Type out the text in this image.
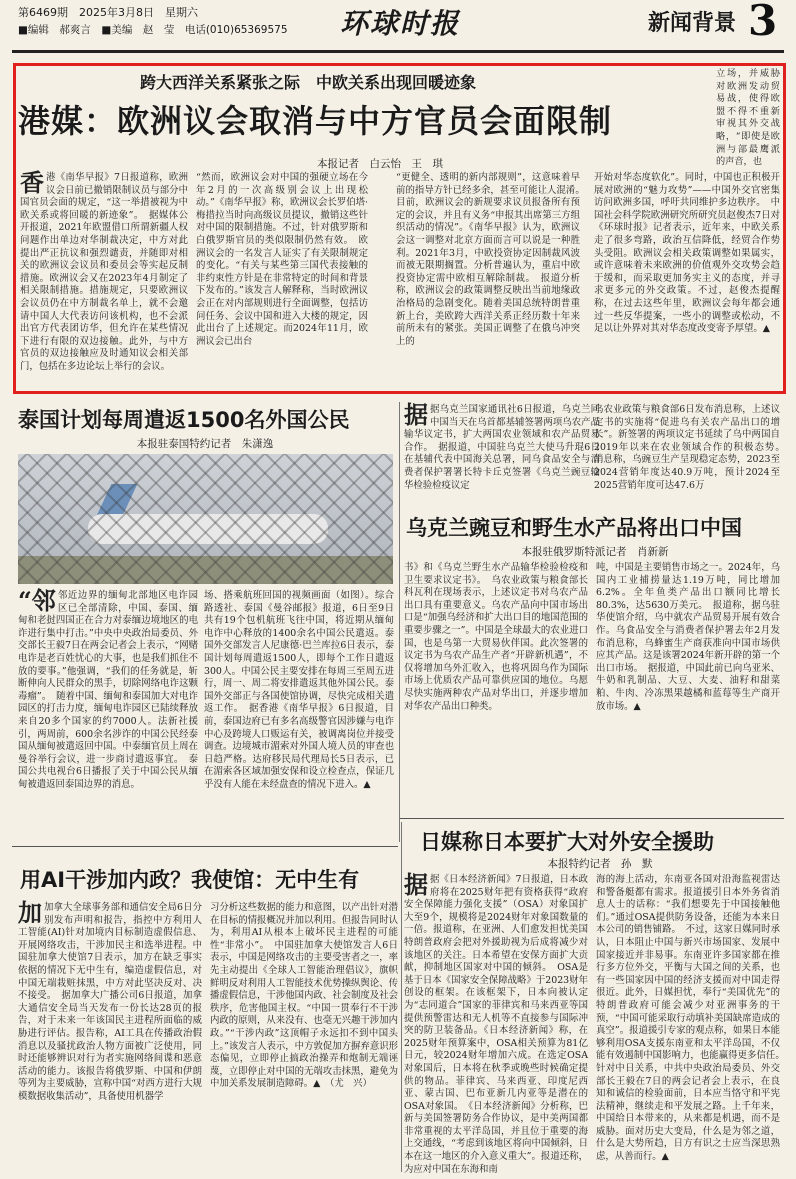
第6469期　2025年3月8日　星期六
■编辑　郝爽言　■美编　赵　莹　电话(010)65369575 环球时报	新闻背景 3
跨大西洋关系紧张之际　中欧关系出现回暖迹象
港媒：欧洲议会取消与中方官员会面限制
立场，并威胁对欧洲发动贸易战，使得欧盟不得不重新审视其外交战略，“即使是欧洲与部最鹰派的声音，也
本报记者　白云怡　王　琪
香港《南华早报》7日报道称，欧洲议会日前已撤销限制议员与部分中国官员会面的规定，“这一举措被视为中欧关系或将回暖的新迹象”。　据媒体公开报道，2021年欧盟借口所谓新疆人权问题作出单边对华制裁决定，中方对此提出严正抗议和强烈谴责，并随即对相关的欧洲议会议员和委员会等实起反制措施。欧洲议会又在2023年4月制定了相关限制措施。措施规定，只要欧洲议会议员仍在中方制裁名单上，就不会邀请中国人大代表访问该机构，也不会派出官方代表团访华，但允许在某些情况下进行有限的双边接触。此外，与中方官员的双边接触应及时通知议会相关部门，包括在多边论坛上举行的会议。
“然而，欧洲议会对中国的强硬立场在今年2月的一次高级别会议上出现松动。”《南华早报》称，欧洲议会长罗伯塔·梅措拉当时向高级议员提议，撤销这些针对中国的限制措施。不过，针对俄罗斯和白俄罗斯官员的类似限制仍然有效。　欧洲议会的一名发言人证实了有关限制规定的变化。“有关与某些第三国代表接触的非约束性方针是在非常特定的时间和背景下发布的。”该发言人解释称，当时欧洲议会正在对内部规则进行全面调整，包括访问任务、会议中国和进入大楼的规定，因此出台了上述规定。而2024年11月，欧洲议会已出台
“更健全、透明的新内部规则”，这意味着早前的指导方针已经多余，甚至可能让人混淆。　目前，欧洲议会的新规要求议员报备所有预定的会议，并且有义务“申报其出席第三方组织活动的情况”。《南华早报》认为，欧洲议会这一调整对北京方面而言可以说是一种胜利。2021年3月，中欧投资协定因制裁风波而被无限期搁置。分析普遍认为，重启中欧投资协定需中欧相互解除制裁。　报道分析称，欧洲议会的政策调整反映出当前地缘政治格局的急剧变化。随着美国总统特朗普重新上台，美欧跨大西洋关系正经历数十年来前所未有的紧张。美国正调整了在俄乌冲突上的
开始对华态度软化”。同时，中国也正积极开展对欧洲的“魅力攻势”——中国外交官密集访问欧洲多国，呼吁共同维护多边秩序。　中国社会科学院欧洲研究所研究员赵俊杰7日对《环球时报》记者表示，近年来，中欧关系走了很多弯路，政治互信降低，经贸合作势头受阻。欧洲议会相关政策调整如果属实，或许意味着未来欧洲的价值观外交攻势会趋于缓和，而采取更加务实主义的态度，并寻求更多元的外交政策。不过，赵俊杰提醒称，在过去这些年里，欧洲议会每年都会通过一些反华提案，一些小的调整或松动，不足以让外界对其对华态度改变寄予厚望。▲
泰国计划每周遣返1500名外国公民
本报驻泰国特约记者　朱潇逸
“邻邻近边界的缅甸北部地区电诈园区已全部清除，中国、泰国、缅甸和老挝四国正在合力对泰缅边境地区的电诈进行集中打击。”中央中央政治局委员、外交部长王毅7日在两会记者会上表示，“网赌电诈是老百姓忧心的大事，也是我们抓住不放的要事。”他强调，“我们的任务就是，斩断伸向人民群众的黑手，切除网络电诈这颗毒瘤”。　随着中国、缅甸和泰国加大对电诈园区的打击力度，缅甸电诈园区已陆续释放来自20多个国家的约7000人。法新社援引，两周前，600余名涉诈的中国公民经泰国从缅甸被遣返回中国。中泰缅官员上周在曼谷举行会议，进一步商讨遣返事宜。　泰国公共电视台6日播报了关于中国公民从缅甸被遣返回泰国边界的消息。
场、搭乘航班回国的视频画面（如图）。综合路透社、泰国《曼谷邮报》报道，6日至9日共有19个包机航班飞往中国，将近期从缅甸电诈中心释放的1400余名中国公民遣返。泰国外交部发言人尼康德·巴兰库拉6日表示，泰国计划每周遣返1500人，即每个工作日遣返300人。中国公民主要安排在每周三至周五进行，周一、周二将安排遣返其他外国公民。泰国外交部正与各国使馆协调，尽快完成相关遣返工作。　据香港《南华早报》6日报道，目前，泰国边府已有多名高级警官因涉嫌与电诈中心及跨境人口贩运有关，被调离岗位并接受调查。边境城市湄索对外国人境人员的审查也日趋严格。达府移民局代理局长5日表示，已在湄索各区域加强安保和设立检查点，保证几乎没有人能在未经盘查的情况下进入。▲
据据乌克兰国家通讯社6日报道，乌克兰同中国当天在乌首都基辅签署两项乌农产品输华议定书，扩大两国农业领域和农产品贸易合作。　据报道，中国驻乌克兰大使马升琨6日在基辅代表中国海关总署，同乌食品安全与消费者保护署署长特卡丘克签署《乌克兰豌豆输华检验检疫议定
乌农业政策与粮食部6日发布消息称，上述议定书的实施将“促进乌有关农产品出口的增长”。新签署的两项议定书延续了乌中两国自2019年以来在农业领域合作的积极态势。　消息称，乌豌豆生产呈现稳定态势，2023至2024营销年度达40.9万吨，预计2024至2025营销年度可达47.6万
乌克兰豌豆和野生水产品将出口中国
本报驻俄罗斯特派记者　肖新新
书》和《乌克兰野生水产品输华检验检疫和卫生要求议定书》。　乌农业政策与粮食部长科瓦利在现场表示，上述议定书对乌农产品出口具有重要意义。乌农产品向中国市场出口是“加强乌经济和扩大出口目的地国范围的重要步骤之一”。中国是全球最大的农业进口国，也是乌第一大贸易伙伴国。此次签署的议定书为乌农产品生产者“开辟新机遇”，不仅将增加乌外汇收入，也将巩固乌作为国际市场上优质农产品可靠供应国的地位。乌愿尽快实施两种农产品对华出口，并逐步增加对华农产品出口种类。
吨，中国是主要销售市场之一。2024年，乌国内工业捕捞量达1.19万吨，同比增加6.2%。全年鱼类产品出口额同比增长80.3%，达5630万美元。　报道称，据乌驻华使馆介绍，乌中就农产品贸易开展有效合作。乌食品安全与消费者保护署去年2月发布消息称，乌蜂蜜生产商获准向中国市场供应其产品。这是该署2024年新开辟的第一个出口市场。　据报道，中国此前已向乌亚米、牛奶和乳制品、大豆、大麦、油籽和甜菜粕、牛肉、冷冻黑果越橘和蓝莓等生产商开放市场。▲
用AI干涉加内政？我使馆：无中生有
加加拿大全球事务部和通信安全局6日分别发布声明和报告，指控中方利用人工智能(AI)针对加境内目标制造虚假信息、开展网络攻击，干涉加民主和选举进程。中国驻加拿大使馆7日表示，加方在缺乏事实依据的情况下无中生有，编造虚假信息，对中国无端栽赃抹黑，中方对此坚决反对、决不接受。　据加拿大广播公司6日报道，加拿大通信安全局当天发布一份长达28页的报告，对于未来一年该国民主进程所面临的威胁进行评估。报告称，AI工具在传播政治假消息以及骚扰政治人物方面被广泛使用，同时还能够辨识对行为者实施网络间谍和恶意活动的能力。该报告将俄罗斯、中国和伊朗等列为主要威胁，宣称中国“对西方进行大规模数据收集活动”，具备使用机器学
习分析这些数据的能力和意图，以产出针对潜在目标的情报概况并加以利用。但报告同时认为，利用AI从根本上破坏民主进程的可能性“非常小”。　中国驻加拿大使馆发言人6日表示，中国是网络攻击的主要受害者之一，率先主动提出《全球人工智能治理倡议》，旗帜鲜明反对利用人工智能技术优势操纵舆论、传播虚假信息，干涉他国内政、社会制度及社会秩序，危害他国主权。“中国一贯奉行不干涉内政的原则，从来没有、也毫无兴趣干涉加内政。”“干涉内政”这顶帽子永远扣不到中国头上。”该发言人表示，中方敦促加方摒弃意识形态偏见，立即停止搞政治操弄和炮制无端诬蔑，立即停止对中国的无端攻击抹黑，避免为中加关系发展制造障碍。▲　（尤　兴）
日媒称日本要扩大对外安全援助
本报特约记者　孙　默
据据《日本经济新闻》7日报道，日本政府将在2025财年把有资格获得“政府安全保障能力强化支援”（OSA）对象国扩大至9个，规模将是2024财年对象国数量的一倍。报道称，在亚洲、人们愈发担忧美国特朗普政府会把对外援助视为后成将减少对该地区的关注。日本希望在安保方面扩大贡献，抑制地区国家对中国的倾斜。　OSA是基于日本《国家安全保障战略》于2023财年创设的框架。在该框架下，日本向被认定为“志同道合”国家的菲律宾和马来西亚等国提供预警雷达和无人机等不直接参与国际冲突的防卫装备品。《日本经济新闻》称，在2025财年预算案中，OSA相关预算为81亿日元，较2024财年增加六成。在选定OSA对象国后，日本将在秋季或晚些时候确定提供的物品。菲律宾、马来西亚、印度尼西亚、蒙古国、巴布亚新几内亚等是潜在的OSA对象国。　《日本经济新闻》分析称，巴新与美国签署防务合作协议，是中美两国都非常重视的太平洋岛国，并且位于重要的海上交通线，“考虑到该地区将向中国倾斜，日本在这一地区的介入意义重大”。报道还称，为应对中国在东海和南
海的海上活动，东南亚各国对沿海监视雷达和警备艇都有需求。报道援引日本外务省消息人士的话称：“我们想要先于中国接触他们。”通过OSA提供防务设备，还能为本来日本公司的销售铺路。　不过，这家日媒同时承认，日本阻止中国与新兴市场国家、发展中国家接近并非易事。东南亚许多国家都在推行多方位外交，平衡与大国之间的关系，也有一些国家因中国的经济支援而对中国走得很近。此外，日媒担忧，奉行“美国优先”的特朗普政府可能会减少对亚洲事务的干预，“中国可能采取行动填补美国缺席造成的真空”。报道援引专家的观点称，如果日本能够利用OSA支援东南亚和太平洋岛国，不仅能有效遏制中国影响力，也能赢得更多信任。　针对中日关系，中共中央政治局委员、外交部长王毅在7日的两会记者会上表示，在良知和诚信的检验面前，日本应当恪守和平宪法精神，继续走和平发展之路。上千年来，中国给日本带来的，从来都是机遇，而不是威胁。面对历史大变局，什么是为邻之道，什么是大势所趋，日方有识之士应当深思熟虑，从善而行。▲
